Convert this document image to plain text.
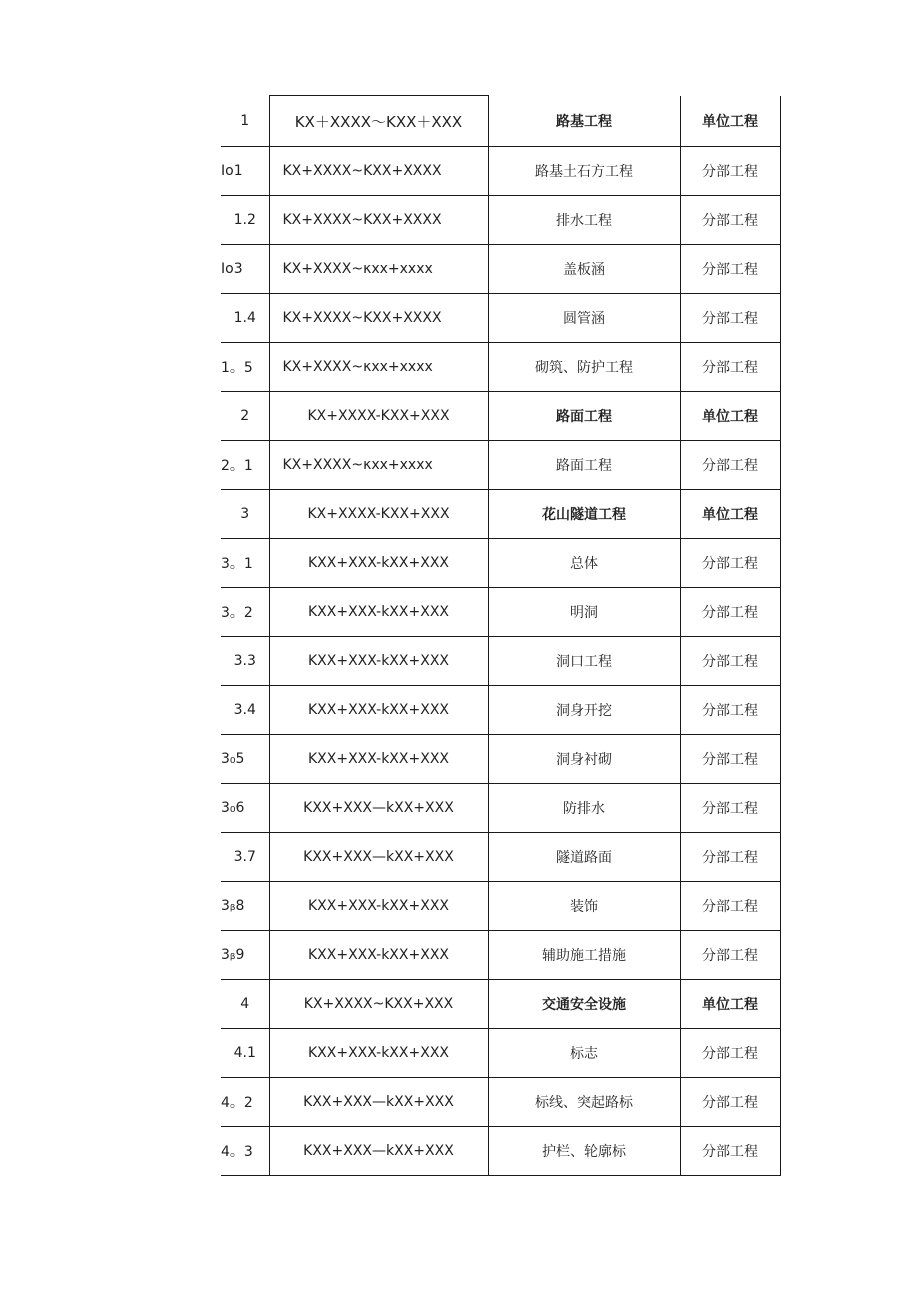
1	KX＋XXXX～KXX＋XXX	路基工程	单位工程
Io1	KX+XXXX~KXX+XXXX	路基土石方工程	分部工程
1.2	KX+XXXX~KXX+XXXX	排水工程	分部工程
Io3	KX+XXXX~κxx+xxxx	盖板涵	分部工程
1.4	KX+XXXX~KXX+XXXX	圆管涵	分部工程
1。5	KX+XXXX~κxx+xxxx	砌筑、防护工程	分部工程
2	KX+XXXX-KXX+XXX	路面工程	单位工程
2。1	KX+XXXX~κxx+xxxx	路面工程	分部工程
3	KX+XXXX-KXX+XXX	花山隧道工程	单位工程
3。1	KXX+XXX-kXX+XXX	总体	分部工程
3。2	KXX+XXX-kXX+XXX	明洞	分部工程
3.3	KXX+XXX-kXX+XXX	洞口工程	分部工程
3.4	KXX+XXX-kXX+XXX	洞身开挖	分部工程
3₀5	KXX+XXX-kXX+XXX	洞身衬砌	分部工程
3₀6	KXX+XXX—kXX+XXX	防排水	分部工程
3.7	KXX+XXX—kXX+XXX	隧道路面	分部工程
3ᵦ8	KXX+XXX-kXX+XXX	装饰	分部工程
3ᵦ9	KXX+XXX-kXX+XXX	辅助施工措施	分部工程
4	KX+XXXX~KXX+XXX	交通安全设施	单位工程
4.1	KXX+XXX-kXX+XXX	标志	分部工程
4。2	KXX+XXX—kXX+XXX	标线、突起路标	分部工程
4。3	KXX+XXX—kXX+XXX	护栏、轮廓标	分部工程
